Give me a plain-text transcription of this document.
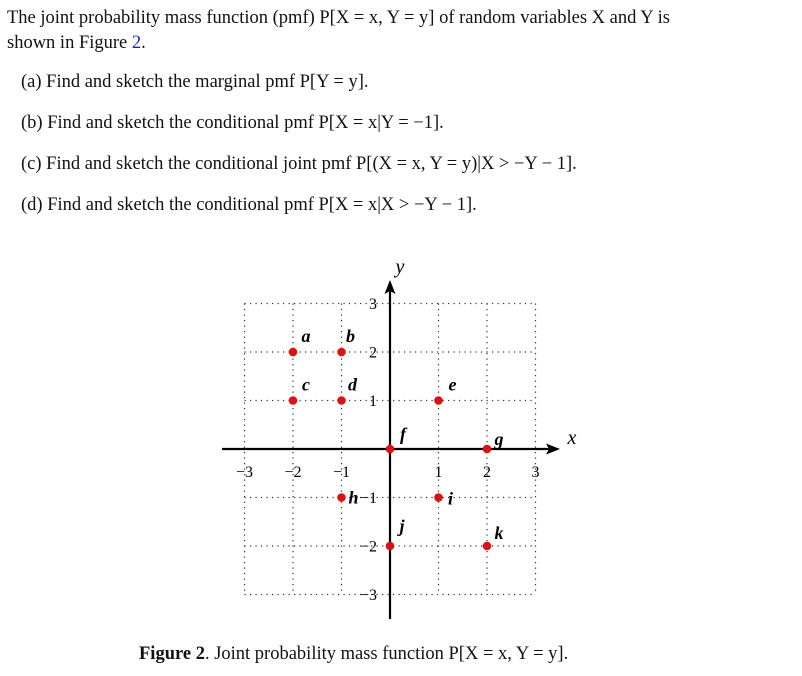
The joint probability mass function (pmf) P[X = x, Y = y] of random variables X and Y is
shown in Figure 2.
(a) Find and sketch the marginal pmf P[Y = y].
(b) Find and sketch the conditional pmf P[X = x|Y = −1].
(c) Find and sketch the conditional joint pmf P[(X = x, Y = y)|X > −Y − 1].
(d) Find and sketch the conditional pmf P[X = x|X > −Y − 1].
x
y
−3 −2 −1	1	2	3
3
2
1
−1
−2
−3
a b
c d	e
f	g
h	i
j	k
Figure 2. Joint probability mass function P[X = x, Y = y].
